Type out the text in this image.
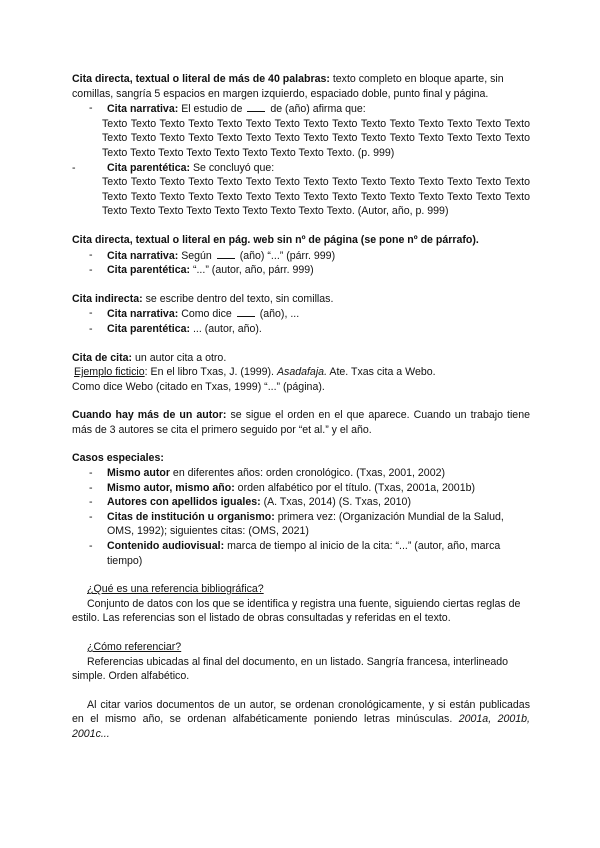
Cita directa, textual o literal de más de 40 palabras: texto completo en bloque aparte, sin comillas, sangría 5 espacios en margen izquierdo, espaciado doble, punto final y página.

- Cita narrativa: El estudio de  de (año) afirma que:

Texto Texto Texto Texto Texto Texto Texto Texto Texto Texto Texto Texto Texto Texto Texto Texto Texto Texto Texto Texto Texto Texto Texto Texto Texto Texto Texto Texto Texto Texto Texto Texto Texto Texto Texto Texto Texto Texto Texto. (p. 999)

-	Cita parentética: Se concluyó que:

Texto Texto Texto Texto Texto Texto Texto Texto Texto Texto Texto Texto Texto Texto Texto Texto Texto Texto Texto Texto Texto Texto Texto Texto Texto Texto Texto Texto Texto Texto Texto Texto Texto Texto Texto Texto Texto Texto Texto. (Autor, año, p. 999)

Cita directa, textual o literal en pág. web sin nº de página (se pone nº de párrafo).

- Cita narrativa: Según  (año) “...” (párr. 999)
- Cita parentética: “...” (autor, año, párr. 999)

Cita indirecta: se escribe dentro del texto, sin comillas.

- Cita narrativa: Como dice  (año), ...
- Cita parentética: ... (autor, año).

Cita de cita: un autor cita a otro.

Ejemplo ficticio: En el libro Txas, J. (1999). Asadafaja. Ate. Txas cita a Webo.

Como dice Webo (citado en Txas, 1999) “...” (página).

Cuando hay más de un autor: se sigue el orden en el que aparece. Cuando un trabajo tiene más de 3 autores se cita el primero seguido por “et al.” y el año.

Casos especiales:

- Mismo autor en diferentes años: orden cronológico. (Txas, 2001, 2002)
- Mismo autor, mismo año: orden alfabético por el título. (Txas, 2001a, 2001b)
- Autores con apellidos iguales: (A. Txas, 2014) (S. Txas, 2010)
- Citas de institución u organismo: primera vez: (Organización Mundial de la Salud, OMS, 1992); siguientes citas: (OMS, 2021)
- Contenido audiovisual: marca de tiempo al inicio de la cita: “...” (autor, año, marca tiempo)

¿Qué es una referencia bibliográfica?

Conjunto de datos con los que se identifica y registra una fuente, siguiendo ciertas reglas de estilo. Las referencias son el listado de obras consultadas y referidas en el texto.

¿Cómo referenciar?

Referencias ubicadas al final del documento, en un listado. Sangría francesa, interlineado simple. Orden alfabético.

Al citar varios documentos de un autor, se ordenan cronológicamente, y si están publicadas en el mismo año, se ordenan alfabéticamente poniendo letras minúsculas. 2001a, 2001b, 2001c...
